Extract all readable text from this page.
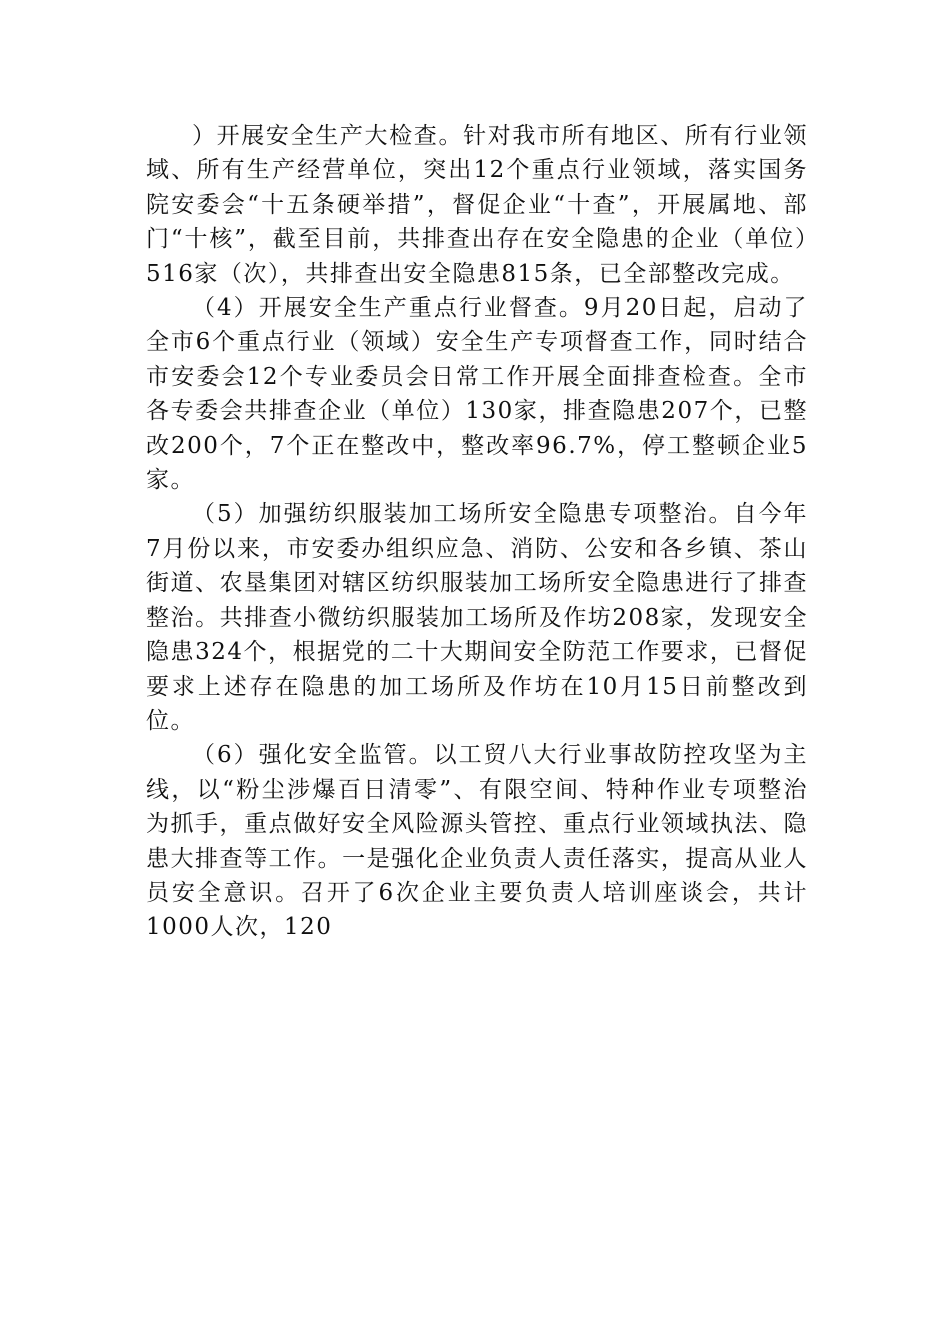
）开展安全生产大检查。针对我市所有地区、所有行业领域、所有生产经营单位，突出12个重点行业领域，落实国务院安委会“十五条硬举措”，督促企业“十查”，开展属地、部门“十核”，截至目前，共排查出存在安全隐患的企业（单位）516家（次），共排查出安全隐患815条，已全部整改完成。

（4）开展安全生产重点行业督查。9月20日起，启动了全市6个重点行业（领域）安全生产专项督查工作，同时结合市安委会12个专业委员会日常工作开展全面排查检查。全市各专委会共排查企业（单位）130家，排查隐患207个，已整改200个，7个正在整改中，整改率96.7%，停工整顿企业5家。

（5）加强纺织服装加工场所安全隐患专项整治。自今年7月份以来，市安委办组织应急、消防、公安和各乡镇、茶山街道、农垦集团对辖区纺织服装加工场所安全隐患进行了排查整治。共排查小微纺织服装加工场所及作坊208家，发现安全隐患324个，根据党的二十大期间安全防范工作要求，已督促要求上述存在隐患的加工场所及作坊在10月15日前整改到位。

（6）强化安全监管。以工贸八大行业事故防控攻坚为主线，以“粉尘涉爆百日清零”、有限空间、特种作业专项整治为抓手，重点做好安全风险源头管控、重点行业领域执法、隐患大排查等工作。一是强化企业负责人责任落实，提高从业人员安全意识。召开了6次企业主要负责人培训座谈会，共计1000人次，120
